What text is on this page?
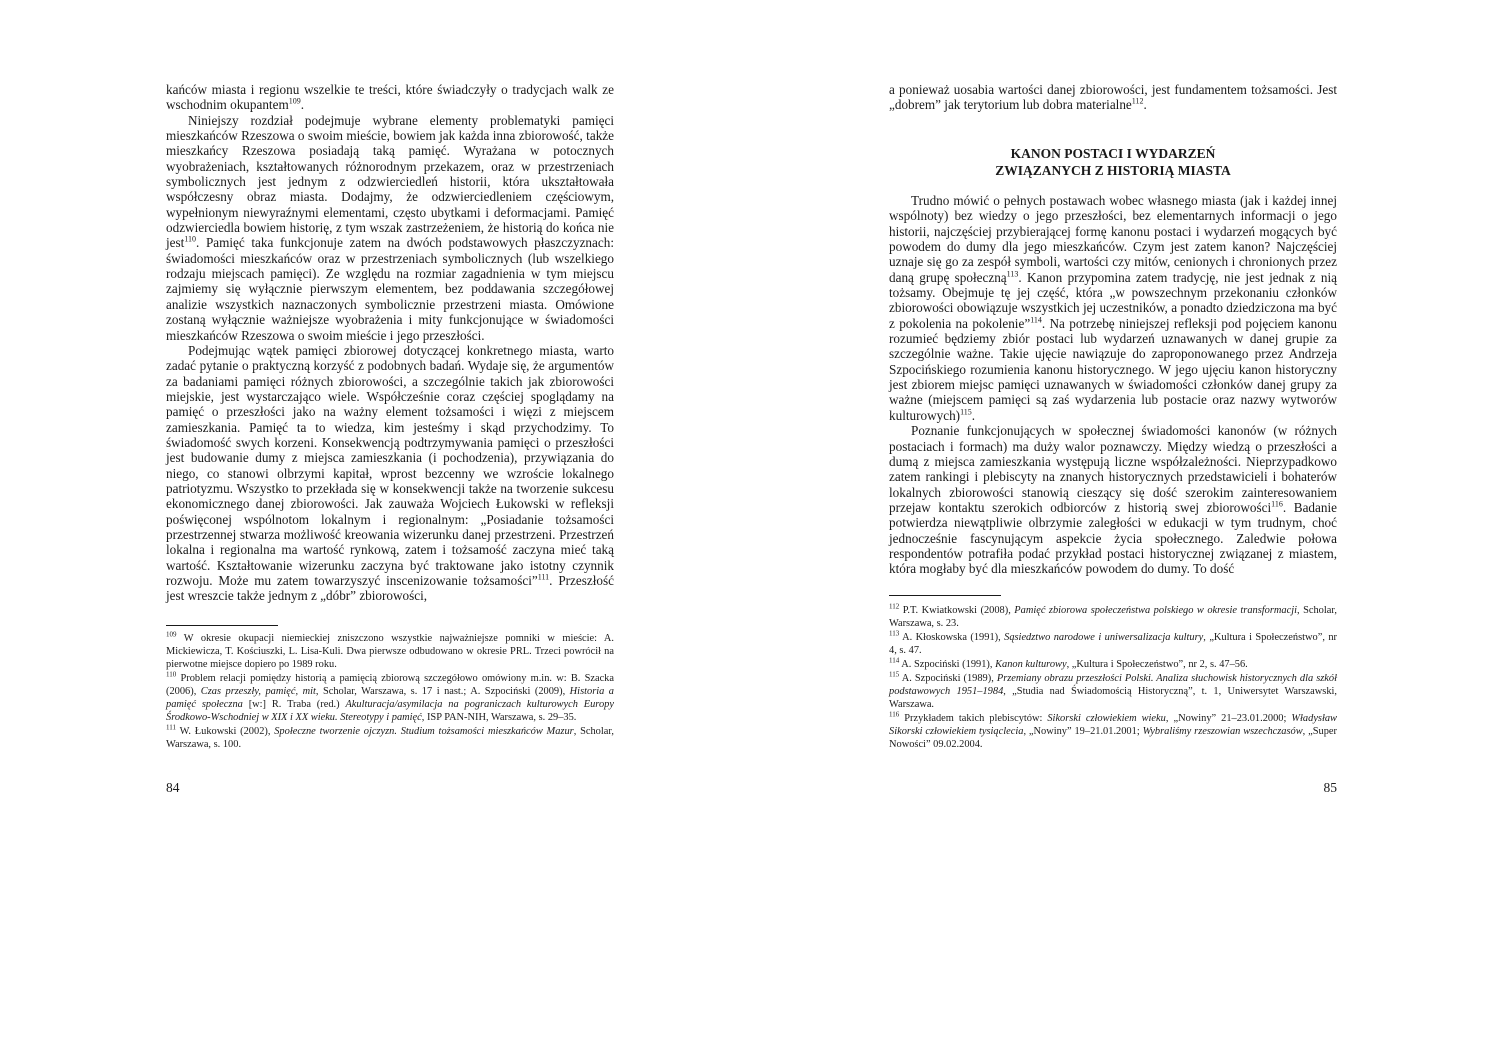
kańców miasta i regionu wszelkie te treści, które świadczyły o tradycjach walk ze wschodnim okupantem$^{109}$.

Niniejszy rozdział podejmuje wybrane elementy problematyki pamięci mieszkańców Rzeszowa o swoim mieście, bowiem jak każda inna zbiorowość, także mieszkańcy Rzeszowa posiadają taką pamięć. Wyrażana w potocznych wyobrażeniach, kształtowanych różnorodnym przekazem, oraz w przestrzeniach symbolicznych jest jednym z odzwierciedleń historii, która ukształtowała współczesny obraz miasta. Dodajmy, że odzwierciedleniem częściowym, wypełnionym niewyraźnymi elementami, często ubytkami i deformacjami. Pamięć odzwierciedla bowiem historię, z tym wszak zastrzeżeniem, że historią do końca nie jest$^{110}$. Pamięć taka funkcjonuje zatem na dwóch podstawowych płaszczyznach: świadomości mieszkańców oraz w przestrzeniach symbolicznych (lub wszelkiego rodzaju miejscach pamięci). Ze względu na rozmiar zagadnienia w tym miejscu zajmiemy się wyłącznie pierwszym elementem, bez poddawania szczegółowej analizie wszystkich naznaczonych symbolicznie przestrzeni miasta. Omówione zostaną wyłącznie ważniejsze wyobrażenia i mity funkcjonujące w świadomości mieszkańców Rzeszowa o swoim mieście i jego przeszłości.

Podejmując wątek pamięci zbiorowej dotyczącej konkretnego miasta, warto zadać pytanie o praktyczną korzyść z podobnych badań. Wydaje się, że argumentów za badaniami pamięci różnych zbiorowości, a szczególnie takich jak zbiorowości miejskie, jest wystarczająco wiele. Współcześnie coraz częściej spoglądamy na pamięć o przeszłości jako na ważny element tożsamości i więzi z miejscem zamieszkania. Pamięć ta to wiedza, kim jesteśmy i skąd przychodzimy. To świadomość swych korzeni. Konsekwencją podtrzymywania pamięci o przeszłości jest budowanie dumy z miejsca zamieszkania (i pochodzenia), przywiązania do niego, co stanowi olbrzymi kapitał, wprost bezcenny we wzroście lokalnego patriotyzmu. Wszystko to przekłada się w konsekwencji także na tworzenie sukcesu ekonomicznego danej zbiorowości. Jak zauważa Wojciech Łukowski w refleksji poświęconej wspólnotom lokalnym i regionalnym: „Posiadanie tożsamości przestrzennej stwarza możliwość kreowania wizerunku danej przestrzeni. Przestrzeń lokalna i regionalna ma wartość rynkową, zatem i tożsamość zaczyna mieć taką wartość. Kształtowanie wizerunku zaczyna być traktowane jako istotny czynnik rozwoju. Może mu zatem towarzyszyć inscenizowanie tożsamości”$^{111}$. Przeszłość jest wreszcie także jednym z „dóbr” zbiorowości,

$^{109}$ W okresie okupacji niemieckiej zniszczono wszystkie najważniejsze pomniki w mieście: A. Mickiewicza, T. Kościuszki, L. Lisa-Kuli. Dwa pierwsze odbudowano w okresie PRL. Trzeci powrócił na pierwotne miejsce dopiero po 1989 roku.

$^{110}$ Problem relacji pomiędzy historią a pamięcią zbiorową szczegółowo omówiony m.in. w: B. Szacka (2006), Czas przeszły, pamięć, mit, Scholar, Warszawa, s. 17 i nast.; A. Szpociński (2009), Historia a pamięć społeczna [w:] R. Traba (red.) Akulturacja/asymilacja na pograniczach kulturowych Europy Środkowo-Wschodniej w XIX i XX wieku. Stereotypy i pamięć, ISP PAN-NIH, Warszawa, s. 29–35.

$^{111}$ W. Łukowski (2002), Społeczne tworzenie ojczyzn. Studium tożsamości mieszkańców Mazur, Scholar, Warszawa, s. 100.

84

a ponieważ uosabia wartości danej zbiorowości, jest fundamentem tożsamości. Jest „dobrem” jak terytorium lub dobra materialne$^{112}$.

KANON POSTACI I WYDARZEŃ
ZWIĄZANYCH Z HISTORIĄ MIASTA

Trudno mówić o pełnych postawach wobec własnego miasta (jak i każdej innej wspólnoty) bez wiedzy o jego przeszłości, bez elementarnych informacji o jego historii, najczęściej przybierającej formę kanonu postaci i wydarzeń mogących być powodem do dumy dla jego mieszkańców. Czym jest zatem kanon? Najczęściej uznaje się go za zespół symboli, wartości czy mitów, cenionych i chronionych przez daną grupę społeczną$^{113}$. Kanon przypomina zatem tradycję, nie jest jednak z nią tożsamy. Obejmuje tę jej część, która „w powszechnym przekonaniu członków zbiorowości obowiązuje wszystkich jej uczestników, a ponadto dziedziczona ma być z pokolenia na pokolenie”$^{114}$. Na potrzebę niniejszej refleksji pod pojęciem kanonu rozumieć będziemy zbiór postaci lub wydarzeń uznawanych w danej grupie za szczególnie ważne. Takie ujęcie nawiązuje do zaproponowanego przez Andrzeja Szpocińskiego rozumienia kanonu historycznego. W jego ujęciu kanon historyczny jest zbiorem miejsc pamięci uznawanych w świadomości członków danej grupy za ważne (miejscem pamięci są zaś wydarzenia lub postacie oraz nazwy wytworów kulturowych)$^{115}$.

Poznanie funkcjonujących w społecznej świadomości kanonów (w różnych postaciach i formach) ma duży walor poznawczy. Między wiedzą o przeszłości a dumą z miejsca zamieszkania występują liczne współzależności. Nieprzypadkowo zatem rankingi i plebiscyty na znanych historycznych przedstawicieli i bohaterów lokalnych zbiorowości stanowią cieszący się dość szerokim zainteresowaniem przejaw kontaktu szerokich odbiorców z historią swej zbiorowości$^{116}$. Badanie potwierdza niewątpliwie olbrzymie zaległości w edukacji w tym trudnym, choć jednocześnie fascynującym aspekcie życia społecznego. Zaledwie połowa respondentów potrafiła podać przykład postaci historycznej związanej z miastem, która mogłaby być dla mieszkańców powodem do dumy. To dość

$^{112}$ P.T. Kwiatkowski (2008), Pamięć zbiorowa społeczeństwa polskiego w okresie transformacji, Scholar, Warszawa, s. 23.

$^{113}$ A. Kłoskowska (1991), Sąsiedztwo narodowe i uniwersalizacja kultury, „Kultura i Społeczeństwo”, nr 4, s. 47.

$^{114}$ A. Szpociński (1991), Kanon kulturowy, „Kultura i Społeczeństwo”, nr 2, s. 47–56.

$^{115}$ A. Szpociński (1989), Przemiany obrazu przeszłości Polski. Analiza słuchowisk historycznych dla szkół podstawowych 1951–1984, „Studia nad Świadomością Historyczną”, t. 1, Uniwersytet Warszawski, Warszawa.

$^{116}$ Przykładem takich plebiscytów: Sikorski człowiekiem wieku, „Nowiny” 21–23.01.2000; Władysław Sikorski człowiekiem tysiąclecia, „Nowiny” 19–21.01.2001; Wybraliśmy rzeszowian wszechczasów, „Super Nowości” 09.02.2004.

85
